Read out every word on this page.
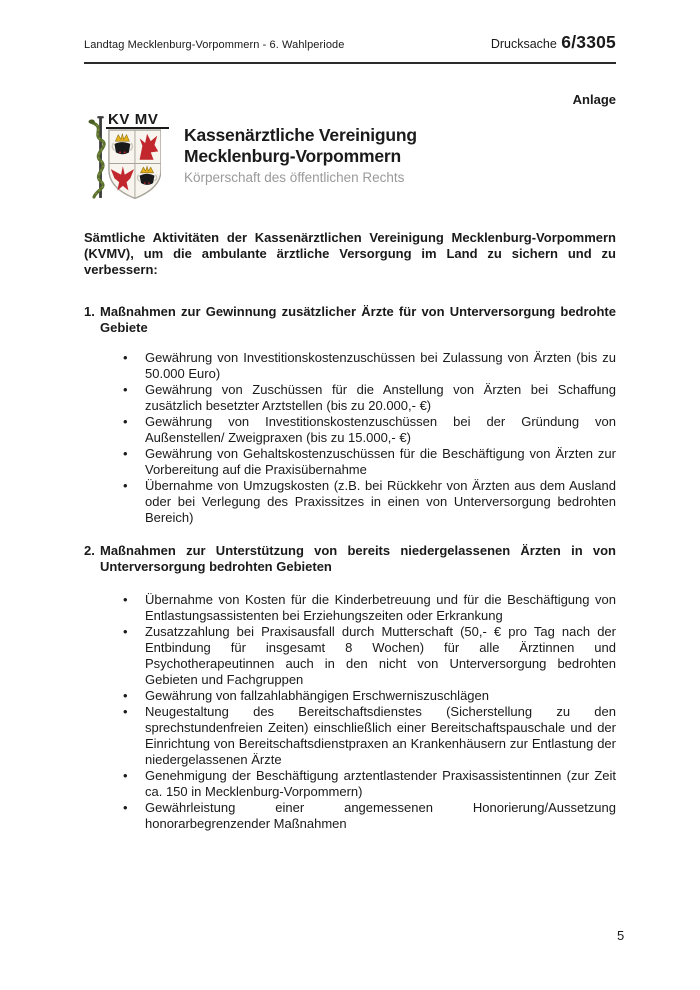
Landtag Mecklenburg-Vorpommern - 6. Wahlperiode	Drucksache 6/3305
Anlage
KV MV
Kassenärztliche Vereinigung
Mecklenburg-Vorpommern
Körperschaft des öffentlichen Rechts

Sämtliche Aktivitäten der Kassenärztlichen Vereinigung Mecklenburg-Vorpommern (KVMV), um die ambulante ärztliche Versorgung im Land zu sichern und zu verbessern:

1. Maßnahmen zur Gewinnung zusätzlicher Ärzte für von Unterversorgung bedrohte Gebiete
• Gewährung von Investitionskostenzuschüssen bei Zulassung von Ärzten (bis zu 50.000 Euro)
• Gewährung von Zuschüssen für die Anstellung von Ärzten bei Schaffung zusätzlich besetzter Arztstellen (bis zu 20.000,- €)
• Gewährung von Investitionskostenzuschüssen bei der Gründung von Außenstellen/ Zweigpraxen (bis zu 15.000,- €)
• Gewährung von Gehaltskostenzuschüssen für die Beschäftigung von Ärzten zur Vorbereitung auf die Praxisübernahme
• Übernahme von Umzugskosten (z.B. bei Rückkehr von Ärzten aus dem Ausland oder bei Verlegung des Praxissitzes in einen von Unterversorgung bedrohten Bereich)
2. Maßnahmen zur Unterstützung von bereits niedergelassenen Ärzten in von Unterversorgung bedrohten Gebieten
• Übernahme von Kosten für die Kinderbetreuung und für die Beschäftigung von Entlastungsassistenten bei Erziehungszeiten oder Erkrankung
• Zusatzzahlung bei Praxisausfall durch Mutterschaft (50,- € pro Tag nach der Entbindung für insgesamt 8 Wochen) für alle Ärztinnen und Psychotherapeutinnen auch in den nicht von Unterversorgung bedrohten Gebieten und Fachgruppen
• Gewährung von fallzahlabhängigen Erschwerniszuschlägen
• Neugestaltung des Bereitschaftsdienstes (Sicherstellung zu den sprechstundenfreien Zeiten) einschließlich einer Bereitschaftspauschale und der Einrichtung von Bereitschaftsdienstpraxen an Krankenhäusern zur Entlastung der niedergelassenen Ärzte
• Genehmigung der Beschäftigung arztentlastender Praxisassistentinnen (zur Zeit ca. 150 in Mecklenburg-Vorpommern)
• Gewährleistung einer angemessenen Honorierung/Aussetzung honorarbegrenzender Maßnahmen
5
